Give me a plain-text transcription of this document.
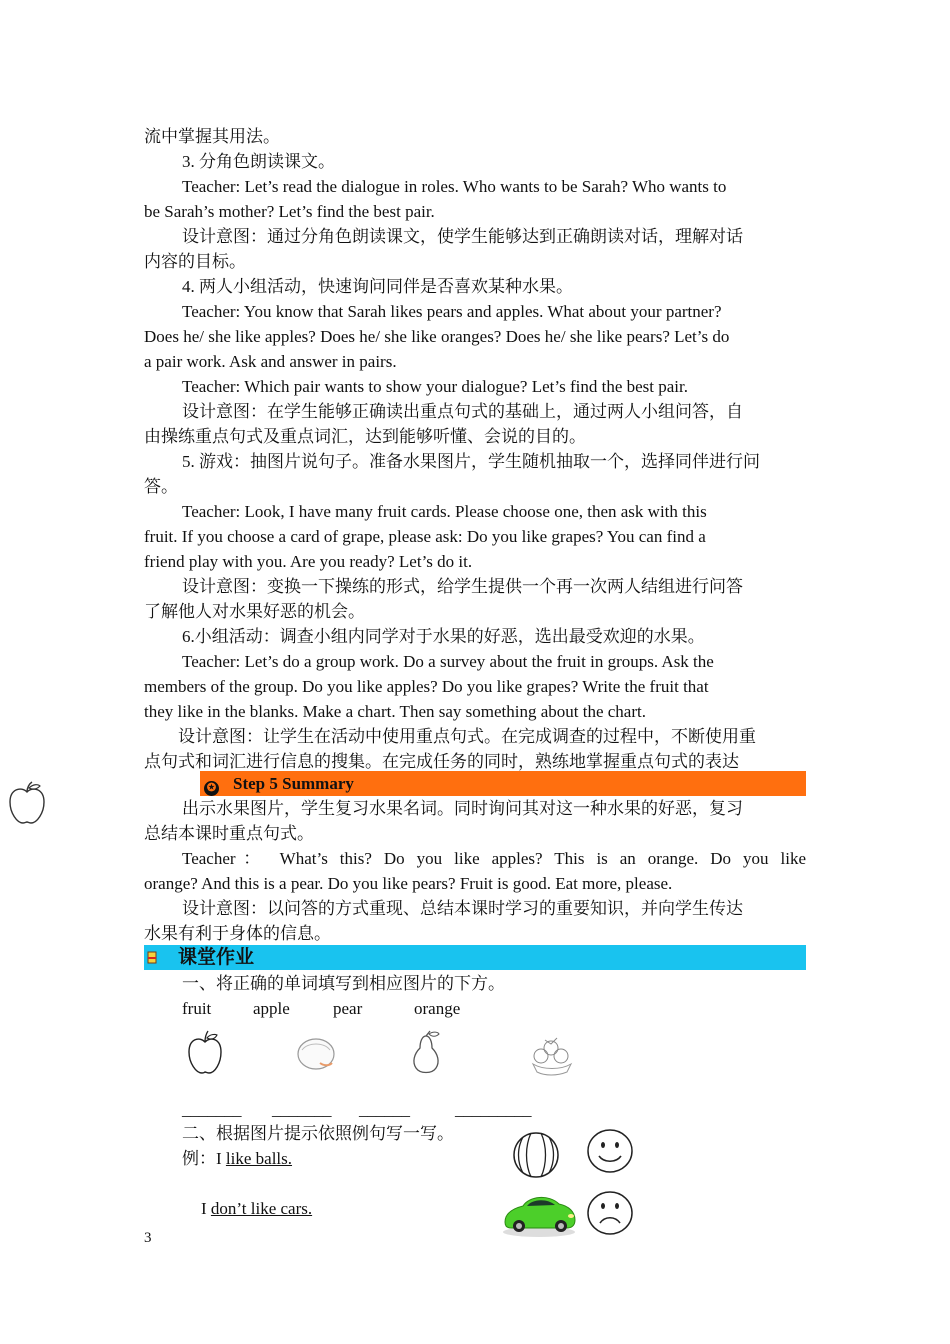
流中掌握其用法。
3. 分角色朗读课文。
Teacher: Let’s read the dialogue in roles. Who wants to be Sarah? Who wants to
be Sarah’s mother? Let’s find the best pair.
设计意图：通过分角色朗读课文，使学生能够达到正确朗读对话，理解对话
内容的目标。
4. 两人小组活动，快速询问同伴是否喜欢某种水果。
Teacher: You know that Sarah likes pears and apples. What about your partner?
Does he/ she like apples? Does he/ she like oranges? Does he/ she like pears? Let’s do
a pair work. Ask and answer in pairs.
Teacher: Which pair wants to show your dialogue? Let’s find the best pair.
设计意图：在学生能够正确读出重点句式的基础上，通过两人小组问答，自
由操练重点句式及重点词汇，达到能够听懂、会说的目的。
5. 游戏：抽图片说句子。准备水果图片，学生随机抽取一个，选择同伴进行问
答。
Teacher: Look, I have many fruit cards. Please choose one, then ask with this
fruit. If you choose a card of grape, please ask: Do you like grapes? You can find a
friend play with you. Are you ready? Let’s do it.
设计意图：变换一下操练的形式，给学生提供一个再一次两人结组进行问答
了解他人对水果好恶的机会。
6.小组活动：调查小组内同学对于水果的好恶，选出最受欢迎的水果。
Teacher: Let’s do a group work. Do a survey about the fruit in groups. Ask the
members of the group. Do you like apples? Do you like grapes? Write the fruit that
they like in the blanks. Make a chart. Then say something about the chart.
设计意图：让学生在活动中使用重点句式。在完成调查的过程中，不断使用重
点句式和词汇进行信息的搜集。在完成任务的同时，熟练地掌握重点句式的表达
✪ Step 5 Summary
出示水果图片，学生复习水果名词。同时询问其对这一种水果的好恶，复习
总结本课时重点句式。
Teacher： What’s this? Do you like apples? This is an orange. Do you like
orange? And this is a pear. Do you like pears? Fruit is good. Eat more, please.
设计意图：以问答的方式重现、总结本课时学习的重要知识，并向学生传达
水果有利于身体的信息。
课堂作业
一、将正确的单词填写到相应图片的下方。
fruit apple	pear	orange
_______ _______ ______	_________
二、根据图片提示依照例句写一写。
例：I like balls.
I don’t like cars.
3
